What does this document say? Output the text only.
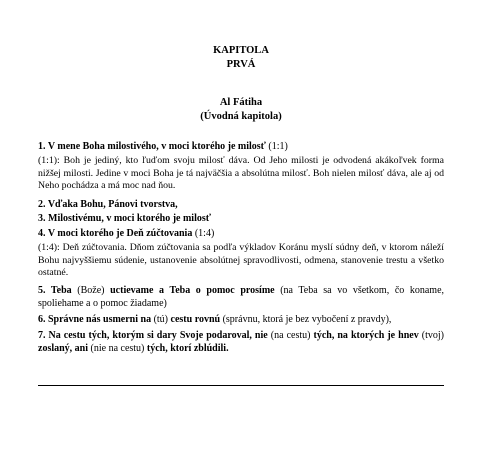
KAPITOLA
PRVÁ
Al Fátiha
(Úvodná kapitola)
1. V mene Boha milostivého, v moci ktorého je milosť (1:1)
(1:1): Boh je jediný, kto ľuďom svoju milosť dáva. Od Jeho milosti je odvodená akákoľvek forma nižšej milosti. Jedine v moci Boha je tá najväčšia a absolútna milosť. Boh nielen milosť dáva, ale aj od Neho pochádza a má moc nad ňou.
2. Vďaka Bohu, Pánovi tvorstva,
3. Milostivému, v moci ktorého je milosť
4. V moci ktorého je Deň zúčtovania (1:4)
(1:4): Deň zúčtovania. Dňom zúčtovania sa podľa výkladov Koránu myslí súdny deň, v ktorom náleží Bohu najvyššiemu súdenie, ustanovenie absolútnej spravodlivosti, odmena, stanovenie trestu a všetko ostatné.
5. Teba (Bože) uctievame a Teba o pomoc prosíme (na Teba sa vo všetkom, čo koname, spoliehame a o pomoc žiadame)
6. Správne nás usmerni na (tú) cestu rovnú (správnu, ktorá je bez vybočení z pravdy),
7. Na cestu tých, ktorým si dary Svoje podaroval, nie (na cestu) tých, na ktorých je hnev (tvoj) zoslaný, ani (nie na cestu) tých, ktorí zblúdili.
